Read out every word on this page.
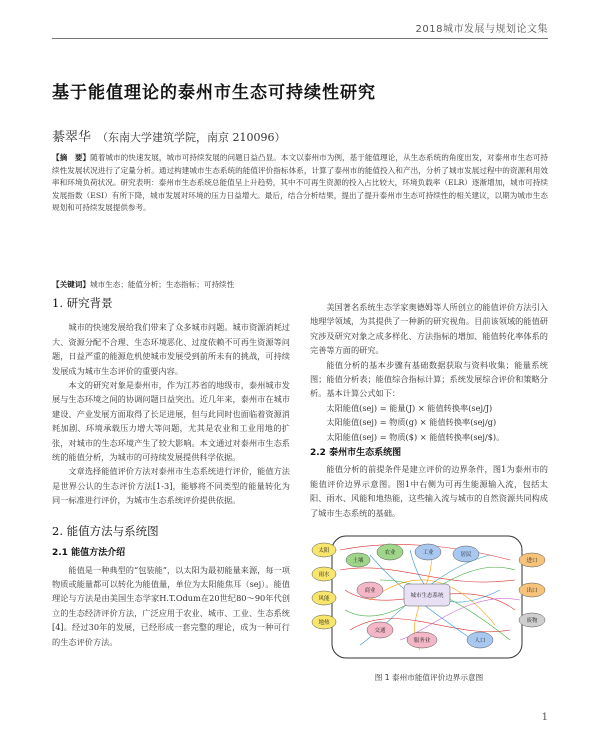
2018城市发展与规划论文集
基于能值理论的泰州市生态可持续性研究
綦翠华 （东南大学建筑学院，南京 210096）
【摘　要】随着城市的快速发展，城市可持续发展的问题日益凸显。本文以泰州市为例，基于能值理论，从生态系统的角度出发，对泰州市生态可持续性发展状况进行了定量分析。通过构建城市生态系统的能值评价指标体系，计算了泰州市的能值投入和产出，分析了城市发展过程中的资源利用效率和环境负荷状况。研究表明：泰州市生态系统总能值呈上升趋势，其中不可再生资源的投入占比较大，环境负载率（ELR）逐渐增加，城市可持续发展指数（ESI）有所下降，城市发展对环境的压力日益增大。最后，结合分析结果，提出了提升泰州市生态可持续性的相关建议，以期为城市生态规划和可持续发展提供参考。
【关键词】城市生态；能值分析；生态指标；可持续性
1. 研究背景

城市的快速发展给我们带来了众多城市问题。城市资源消耗过大、资源分配不合理、生态环境恶化、过度依赖不可再生资源等问题，日益严重的能源危机使城市发展受到前所未有的挑战，可持续发展成为城市生态评价的重要内容。

本文的研究对象是泰州市，作为江苏省的地级市，泰州城市发展与生态环境之间的协调问题日益突出。近几年来，泰州市在城市建设、产业发展方面取得了长足进展，但与此同时也面临着资源消耗加剧、环境承载压力增大等问题，尤其是农业和工业用地的扩张，对城市的生态环境产生了较大影响。本文通过对泰州市生态系统的能值分析，为城市的可持续发展提供科学依据。

文章选择能值评价方法对泰州市生态系统进行评价，能值方法是世界公认的生态评价方法[1-3]，能够将不同类型的能量转化为同一标准进行评价，为城市生态系统评价提供依据。

2. 能值方法与系统图
2.1 能值方法介绍

能值是一种典型的“包装能”，以太阳为最初能量来源，每一项物质或能量都可以转化为能值量，单位为太阳能焦耳（sej）。能值理论与方法是由美国生态学家H.T.Odum在20世纪80～90年代创立的生态经济评价方法，广泛应用于农业、城市、工业、生态系统[4]。经过30年的发展，已经形成一套完整的理论，成为一种可行的生态评价方法。

美国著名系统生态学家奥德姆等人所创立的能值评价方法引入地理学领域，为其提供了一种新的研究视角。目前该领域的能值研究涉及研究对象之成多样化、方法指标的增加、能值转化率体系的完善等方面的研究。

能值分析的基本步骤有基础数据获取与资料收集；能量系统图；能值分析表；能值综合指标计算；系统发展综合评价和策略分析。基本计算公式如下：

太阳能值(sej) = 能量(J) × 能值转换率(sej/J)
太阳能值(sej) = 物质(g) × 能值转换率(sej/g)
太阳能值(sej) = 物质($) × 能值转换率(sej/$)。
2.2 泰州市生态系统图

能值分析的前提条件是建立评价的边界条件，图1为泰州市的能值评价边界示意图。图1中右侧为可再生能源输入流，包括太阳、雨水、风能和地热能，这些输入流与城市的自然资源共同构成了城市生态系统的基础。

太阳
雨水
风能
地热
土壤
农业	工业	居民
商业
交通
服务业
城市生态系统
进口
出口
废物
人口
图 1 泰州市能值评价边界示意图
1
